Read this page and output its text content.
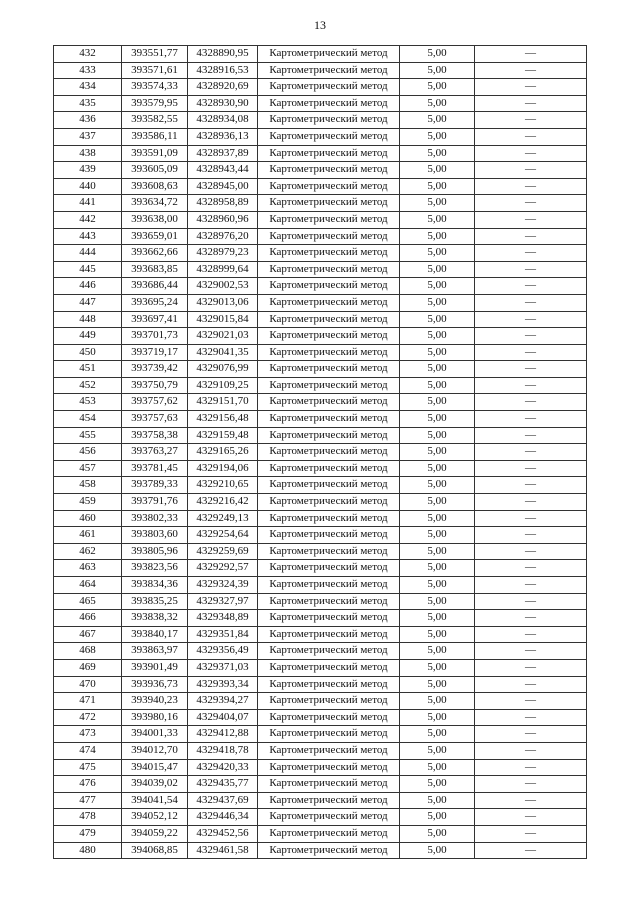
13
432	393551,77	4328890,95	Картометрический метод	5,00	—
433	393571,61	4328916,53	Картометрический метод	5,00	—
434	393574,33	4328920,69	Картометрический метод	5,00	—
435	393579,95	4328930,90	Картометрический метод	5,00	—
436	393582,55	4328934,08	Картометрический метод	5,00	—
437	393586,11	4328936,13	Картометрический метод	5,00	—
438	393591,09	4328937,89	Картометрический метод	5,00	—
439	393605,09	4328943,44	Картометрический метод	5,00	—
440	393608,63	4328945,00	Картометрический метод	5,00	—
441	393634,72	4328958,89	Картометрический метод	5,00	—
442	393638,00	4328960,96	Картометрический метод	5,00	—
443	393659,01	4328976,20	Картометрический метод	5,00	—
444	393662,66	4328979,23	Картометрический метод	5,00	—
445	393683,85	4328999,64	Картометрический метод	5,00	—
446	393686,44	4329002,53	Картометрический метод	5,00	—
447	393695,24	4329013,06	Картометрический метод	5,00	—
448	393697,41	4329015,84	Картометрический метод	5,00	—
449	393701,73	4329021,03	Картометрический метод	5,00	—
450	393719,17	4329041,35	Картометрический метод	5,00	—
451	393739,42	4329076,99	Картометрический метод	5,00	—
452	393750,79	4329109,25	Картометрический метод	5,00	—
453	393757,62	4329151,70	Картометрический метод	5,00	—
454	393757,63	4329156,48	Картометрический метод	5,00	—
455	393758,38	4329159,48	Картометрический метод	5,00	—
456	393763,27	4329165,26	Картометрический метод	5,00	—
457	393781,45	4329194,06	Картометрический метод	5,00	—
458	393789,33	4329210,65	Картометрический метод	5,00	—
459	393791,76	4329216,42	Картометрический метод	5,00	—
460	393802,33	4329249,13	Картометрический метод	5,00	—
461	393803,60	4329254,64	Картометрический метод	5,00	—
462	393805,96	4329259,69	Картометрический метод	5,00	—
463	393823,56	4329292,57	Картометрический метод	5,00	—
464	393834,36	4329324,39	Картометрический метод	5,00	—
465	393835,25	4329327,97	Картометрический метод	5,00	—
466	393838,32	4329348,89	Картометрический метод	5,00	—
467	393840,17	4329351,84	Картометрический метод	5,00	—
468	393863,97	4329356,49	Картометрический метод	5,00	—
469	393901,49	4329371,03	Картометрический метод	5,00	—
470	393936,73	4329393,34	Картометрический метод	5,00	—
471	393940,23	4329394,27	Картометрический метод	5,00	—
472	393980,16	4329404,07	Картометрический метод	5,00	—
473	394001,33	4329412,88	Картометрический метод	5,00	—
474	394012,70	4329418,78	Картометрический метод	5,00	—
475	394015,47	4329420,33	Картометрический метод	5,00	—
476	394039,02	4329435,77	Картометрический метод	5,00	—
477	394041,54	4329437,69	Картометрический метод	5,00	—
478	394052,12	4329446,34	Картометрический метод	5,00	—
479	394059,22	4329452,56	Картометрический метод	5,00	—
480	394068,85	4329461,58	Картометрический метод	5,00	—
